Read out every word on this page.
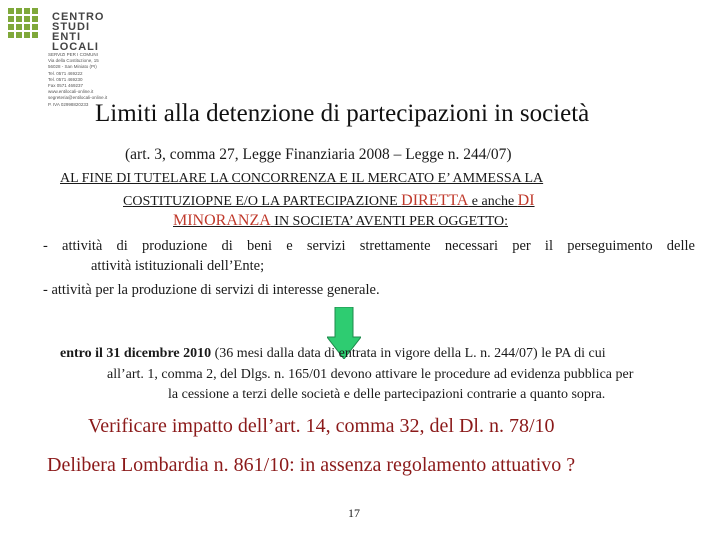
CENTRO
STUDI
ENTI
LOCALI
SERVIZI PER I COMUNI
Via della Costituzione, 15
56028 - San Miniato (PI)
Tel. 0571 469222
Tel. 0571 469230
Fax 0571 469237
www.entilocali-online.it
segreteria@entilocali-online.it
P. IVA 02998820233 Limiti alla detenzione di partecipazioni in società
(art. 3, comma 27, Legge Finanziaria 2008 – Legge n. 244/07)
AL FINE DI TUTELARE LA CONCORRENZA E IL MERCATO E’ AMMESSA LA
COSTITUZIOPNE E/O LA PARTECIPAZIONE DIRETTA e anche DI
MINORANZA IN SOCIETA’ AVENTI PER OGGETTO:
- attività di produzione di beni e servizi strettamente necessari per il perseguimento delle
attività istituzionali dell’Ente;
- attività per la produzione di servizi di interesse generale.
entro il 31 dicembre 2010 (36 mesi dalla data di entrata in vigore della L. n. 244/07) le PA di cui
all’art. 1, comma 2, del Dlgs. n. 165/01 devono attivare le procedure ad evidenza pubblica per
la cessione a terzi delle società e delle partecipazioni contrarie a quanto sopra.
Verificare impatto dell’art. 14, comma 32, del Dl. n. 78/10
Delibera Lombardia n. 861/10: in assenza regolamento attuativo ?
17
